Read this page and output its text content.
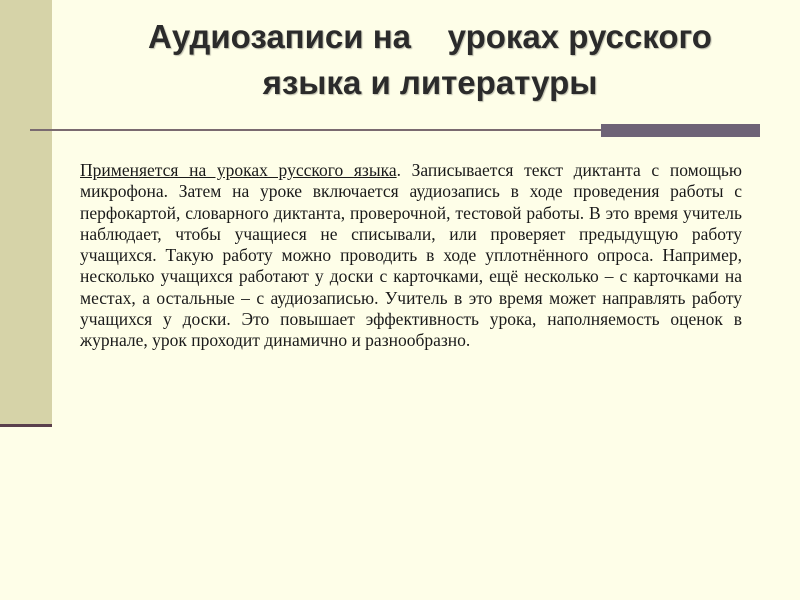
Аудиозаписи на    уроках русского
языка и литературы

Применяется на уроках русского языка. Записывается текст диктанта с помощью микрофона. Затем на уроке включается аудиозапись в ходе проведения работы с перфокартой, словарного диктанта, проверочной, тестовой работы. В это время учитель наблюдает, чтобы учащиеся не списывали, или проверяет предыдущую работу учащихся. Такую работу можно проводить в ходе уплотнённого опроса. Например, несколько учащихся работают у доски с карточками, ещё несколько – с карточками на местах, а остальные – с аудиозаписью. Учитель в это время может направлять работу учащихся у доски. Это повышает эффективность урока, наполняемость оценок в журнале, урок проходит динамично и разнообразно.
